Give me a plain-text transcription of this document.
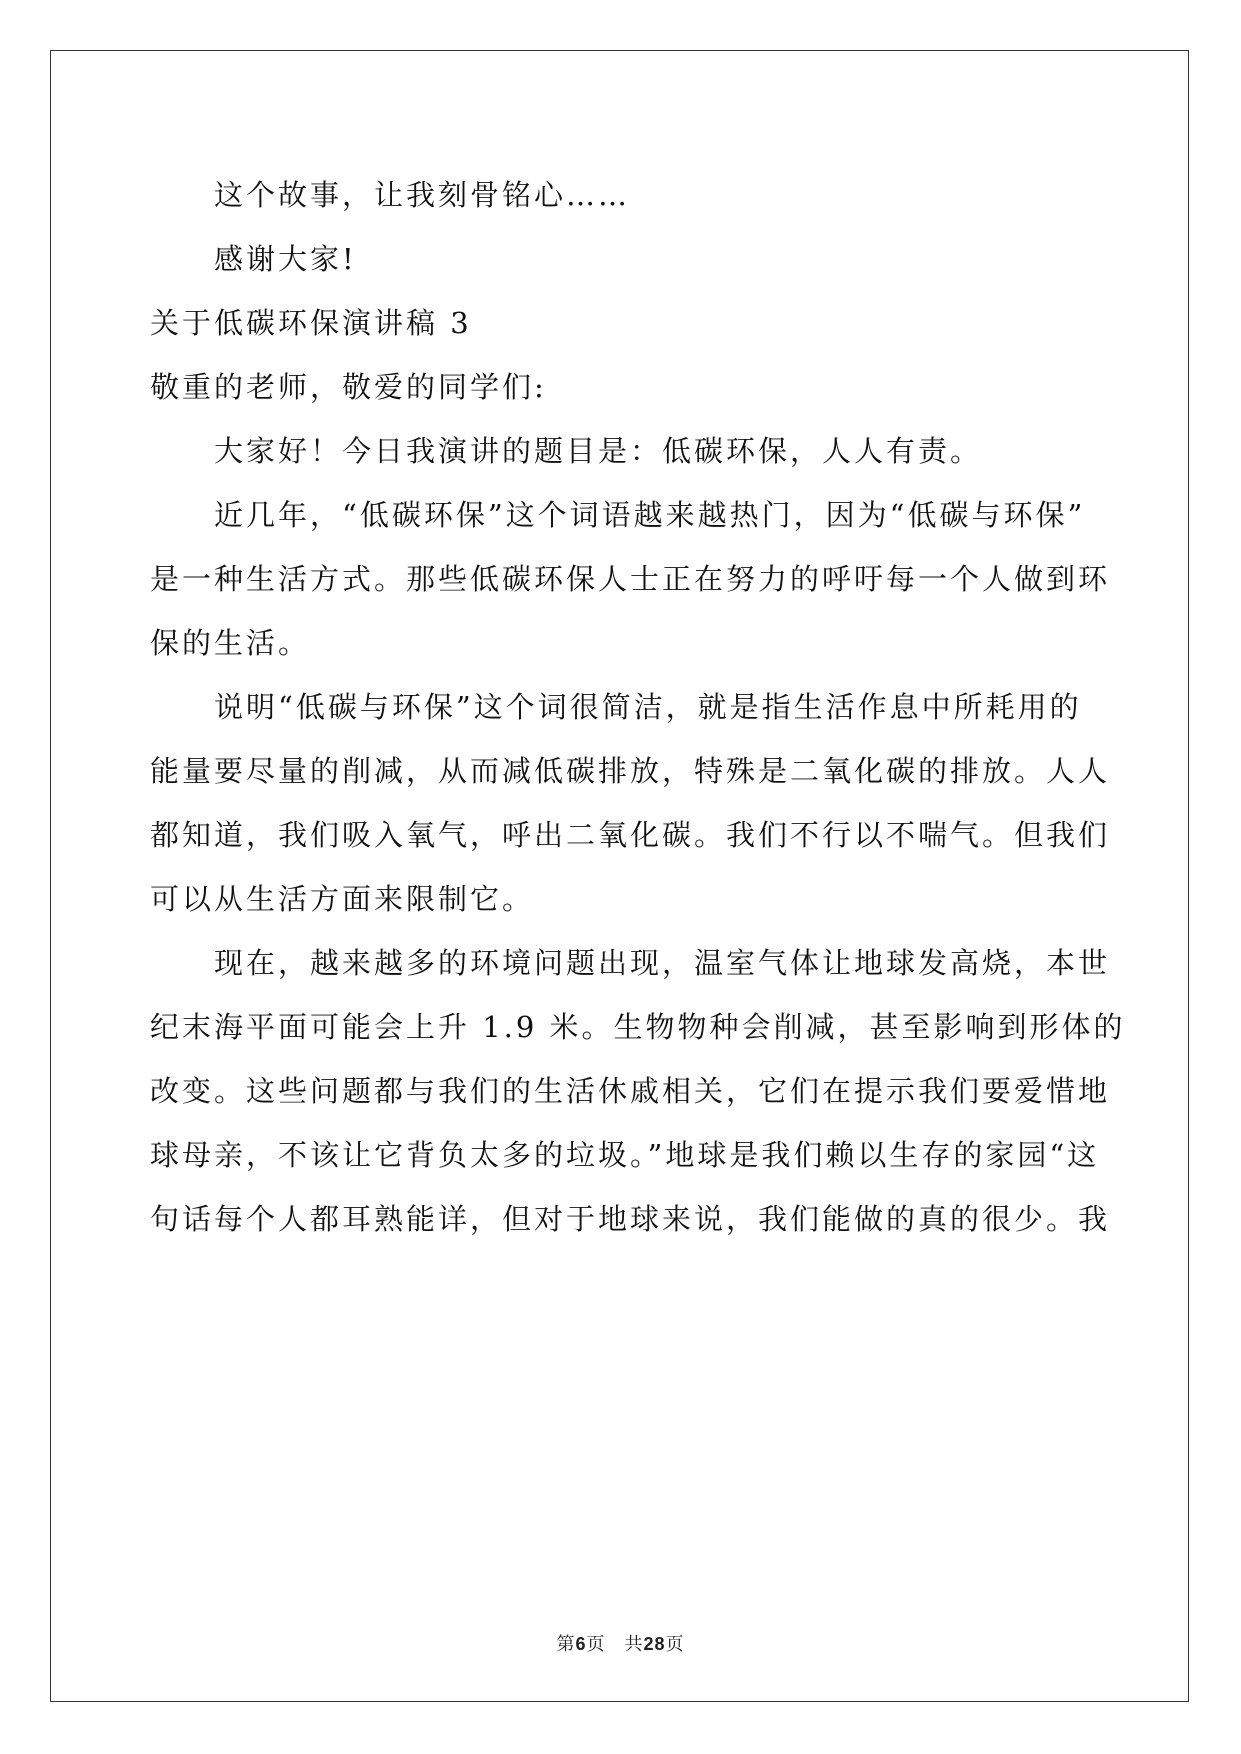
这个故事，让我刻骨铭心……

感谢大家!

关于低碳环保演讲稿 3

敬重的老师，敬爱的同学们:

大家好！今日我演讲的题目是：低碳环保，人人有责。

近几年，“低碳环保”这个词语越来越热门，因为“低碳与环保”

是一种生活方式。那些低碳环保人士正在努力的呼吁每一个人做到环

保的生活。

说明“低碳与环保”这个词很简洁，就是指生活作息中所耗用的

能量要尽量的削减，从而减低碳排放，特殊是二氧化碳的排放。人人

都知道，我们吸入氧气，呼出二氧化碳。我们不行以不喘气。但我们

可以从生活方面来限制它。

现在，越来越多的环境问题出现，温室气体让地球发高烧，本世

纪末海平面可能会上升 1.9 米。生物物种会削减，甚至影响到形体的

改变。这些问题都与我们的生活休戚相关，它们在提示我们要爱惜地

球母亲，不该让它背负太多的垃圾。”地球是我们赖以生存的家园“这

句话每个人都耳熟能详，但对于地球来说，我们能做的真的很少。我

第6页　共28页
